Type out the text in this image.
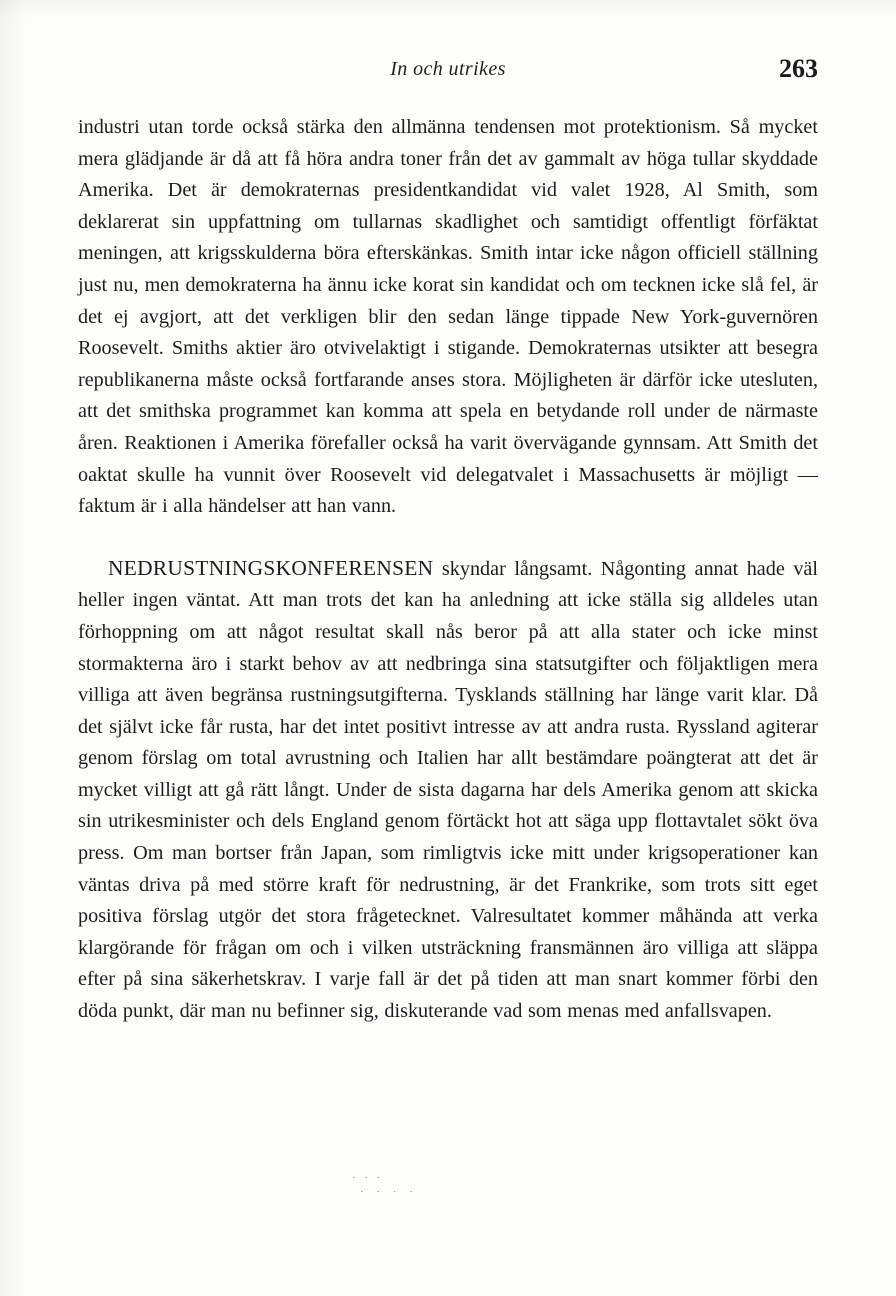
In och utrikes	263

industri utan torde också stärka den allmänna tendensen mot protektionism. Så mycket mera glädjande är då att få höra andra toner från det av gammalt av höga tullar skyddade Amerika. Det är demokraternas presidentkandidat vid valet 1928, Al Smith, som deklarerat sin uppfattning om tullarnas skadlighet och samtidigt offentligt förfäktat meningen, att krigsskulderna böra efterskänkas. Smith intar icke någon officiell ställning just nu, men demokraterna ha ännu icke korat sin kandidat och om tecknen icke slå fel, är det ej avgjort, att det verkligen blir den sedan länge tippade New York-guvernören Roosevelt. Smiths aktier äro otvivelaktigt i stigande. Demokraternas utsikter att besegra republikanerna måste också fortfarande anses stora. Möjligheten är därför icke utesluten, att det smithska programmet kan komma att spela en betydande roll under de närmaste åren. Reaktionen i Amerika förefaller också ha varit övervägande gynnsam. Att Smith det oaktat skulle ha vunnit över Roosevelt vid delegatvalet i Massachusetts är möjligt — faktum är i alla händelser att han vann.

NEDRUSTNINGSKONFERENSEN skyndar långsamt. Någonting annat hade väl heller ingen väntat. Att man trots det kan ha anledning att icke ställa sig alldeles utan förhoppning om att något resultat skall nås beror på att alla stater och icke minst stormakterna äro i starkt behov av att nedbringa sina statsutgifter och följaktligen mera villiga att även begränsa rustningsutgifterna. Tysklands ställning har länge varit klar. Då det självt icke får rusta, har det intet positivt intresse av att andra rusta. Ryssland agiterar genom förslag om total avrustning och Italien har allt bestämdare poängterat att det är mycket villigt att gå rätt långt. Under de sista dagarna har dels Amerika genom att skicka sin utrikesminister och dels England genom förtäckt hot att säga upp flottavtalet sökt öva press. Om man bortser från Japan, som rimligtvis icke mitt under krigsoperationer kan väntas driva på med större kraft för nedrustning, är det Frankrike, som trots sitt eget positiva förslag utgör det stora frågetecknet. Valresultatet kommer måhända att verka klargörande för frågan om och i vilken utsträckning fransmännen äro villiga att släppa efter på sina säkerhetskrav. I varje fall är det på tiden att man snart kommer förbi den döda punkt, där man nu befinner sig, diskuterande vad som menas med anfallsvapen.

· · ·
· · · ·
